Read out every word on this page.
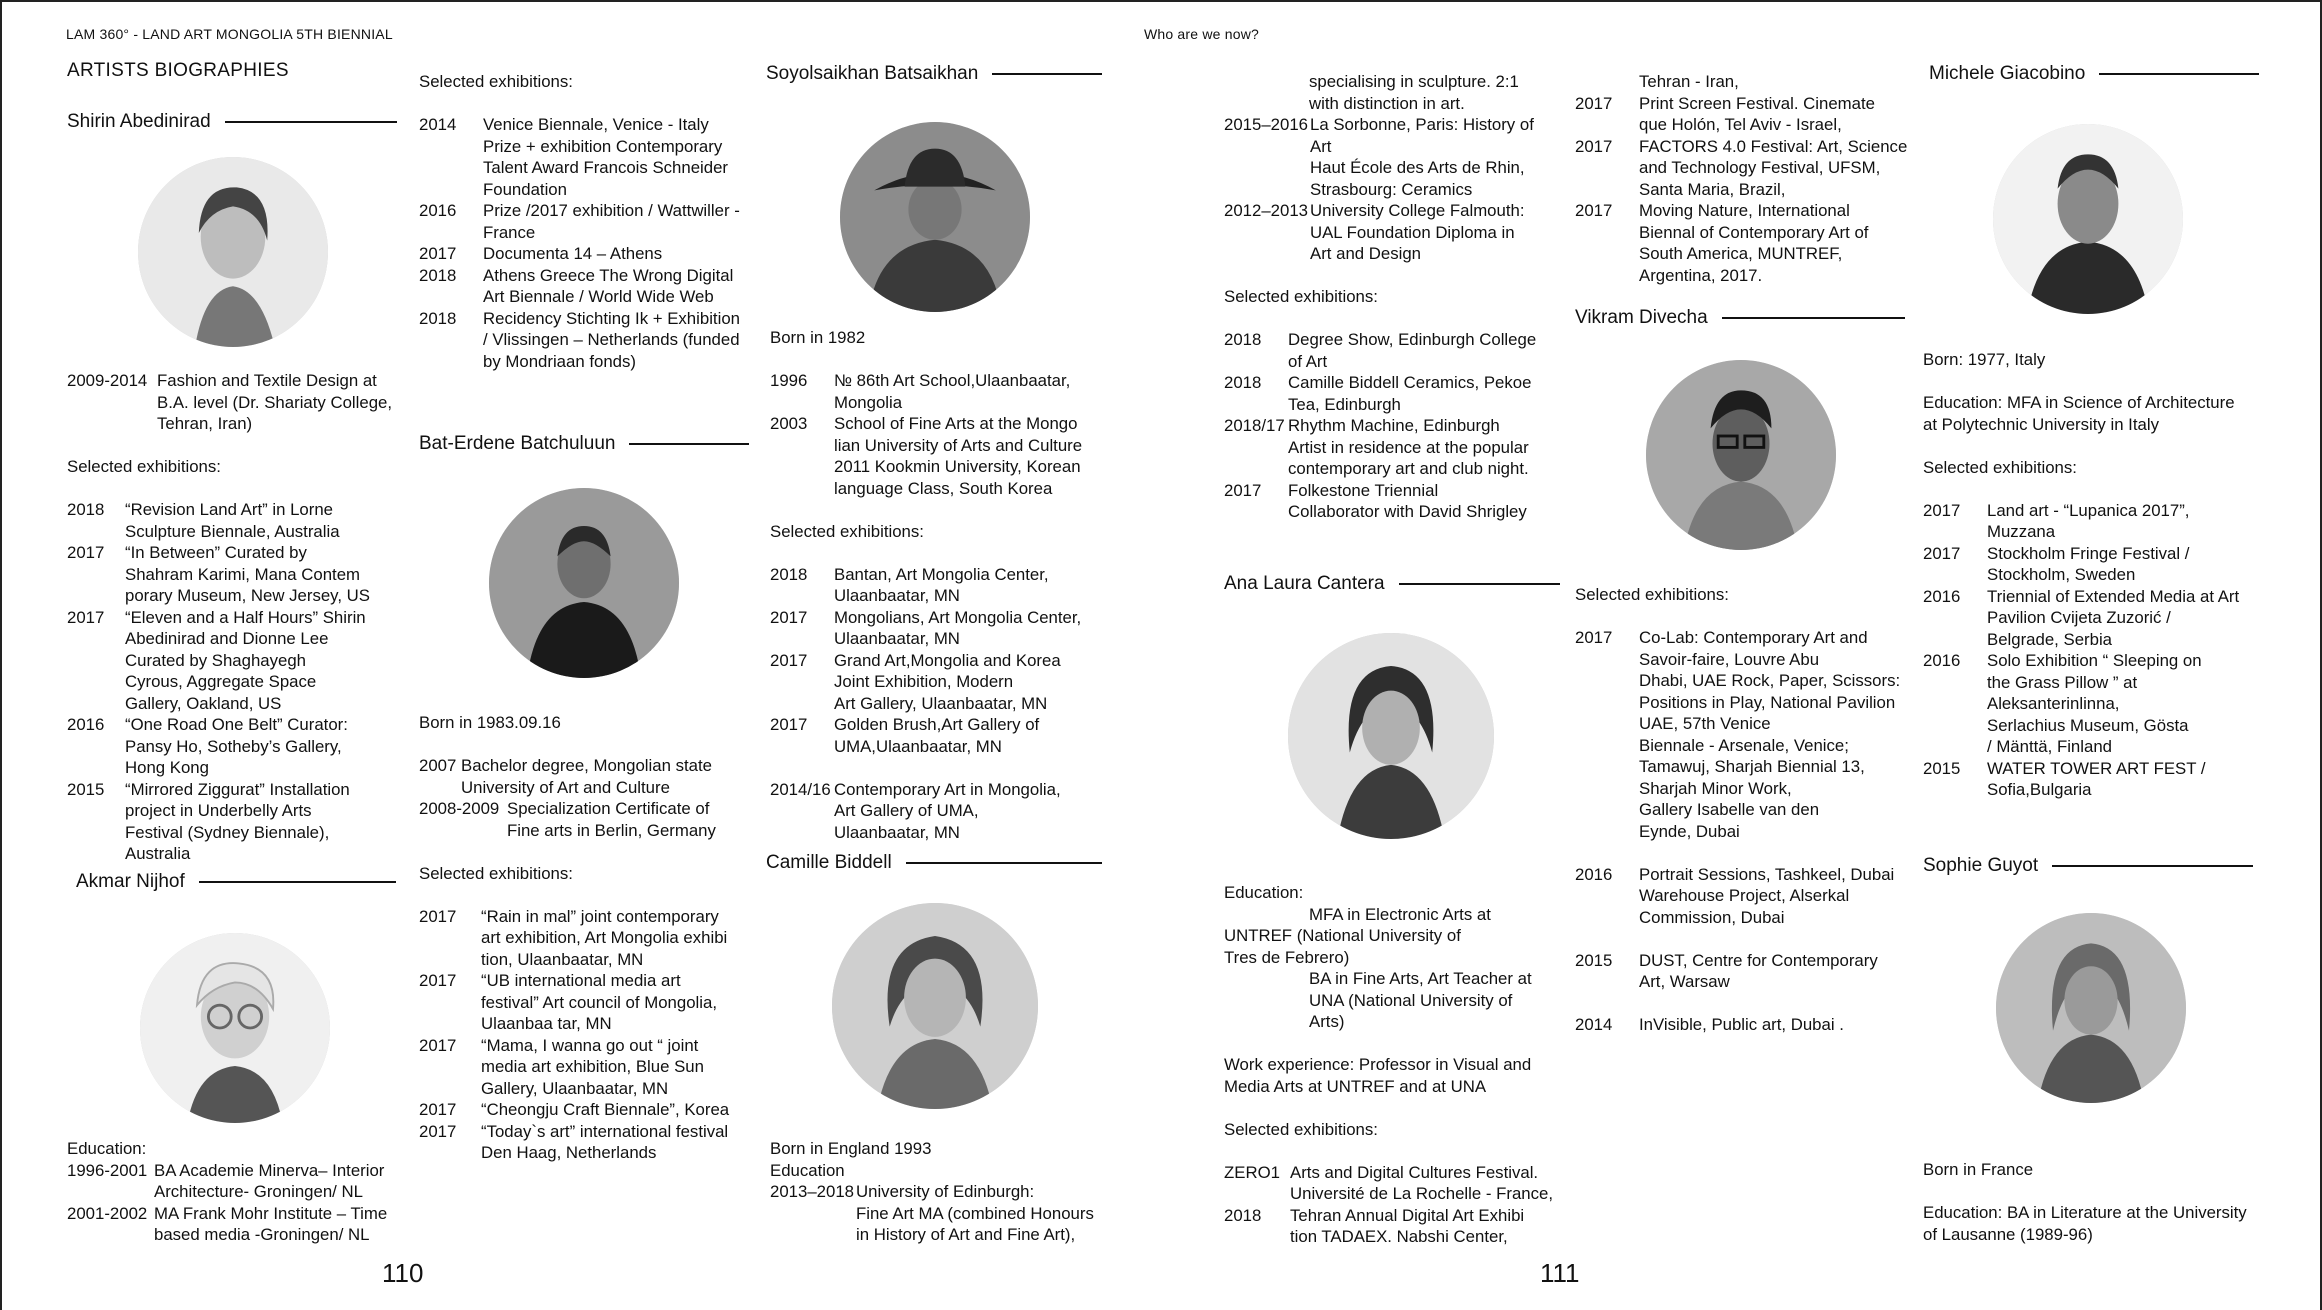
LAM 360° - LAND ART MONGOLIA 5TH BIENNIAL
ARTISTS BIOGRAPHIES
Shirin Abedinirad
2009-2014 Fashion and Textile Design at
B.A. level (Dr. Shariaty College,
Tehran, Iran)

Selected exhibitions:

2018	“Revision Land Art” in Lorne
Sculpture Biennale, Australia
2017	“In Between” Curated by
Shahram Karimi, Mana Contem
porary Museum, New Jersey, US
2017	“Eleven and a Half Hours” Shirin
Abedinirad and Dionne Lee
Curated by Shaghayegh
Cyrous, Aggregate Space
Gallery, Oakland, US
2016	“One Road One Belt” Curator:
Pansy Ho, Sotheby’s Gallery,
Hong Kong
2015	“Mirrored Ziggurat” Installation
project in Underbelly Arts
Festival (Sydney Biennale),
Australia
Akmar Nijhof

Education:

1996-2001 BA Academie Minerva– Interior
Architecture- Groningen/ NL
2001-2002 MA Frank Mohr Institute – Time
based media -Groningen/ NL

Selected exhibitions:

2014	Venice Biennale, Venice - Italy
Prize + exhibition Contemporary
Talent Award Francois Schneider
Foundation
2016	Prize /2017 exhibition / Wattwiller -
France
2017	Documenta 14 – Athens
2018	Athens Greece The Wrong Digital
Art Biennale / World Wide Web
2018	Recidency Stichting Ik + Exhibition
/ Vlissingen – Netherlands (funded
by Mondriaan fonds)
Bat-Erdene Batchuluun

Born in 1983.09.16

2007 Bachelor degree, Mongolian state
University of Art and Culture
2008-2009 Specialization Certificate of
Fine arts in Berlin, Germany

Selected exhibitions:

2017	“Rain in mal” joint contemporary
art exhibition, Art Mongolia exhibi
tion, Ulaanbaatar, MN
2017	“UB international media art
festival” Art council of Mongolia,
Ulaanbaa tar, MN
2017	“Mama, I wanna go out “ joint
media art exhibition, Blue Sun
Gallery, Ulaanbaatar, MN
2017	“Cheongju Craft Biennale”, Korea
2017	“Today`s art” international festival
Den Haag, Netherlands
Soyolsaikhan Batsaikhan

Born in 1982

1996	№ 86th Art School,Ulaanbaatar,
Mongolia
2003	School of Fine Arts at the Mongo
lian University of Arts and Culture
2011 Kookmin University, Korean
language Class, South Korea

Selected exhibitions:

2018	Bantan, Art Mongolia Center,
Ulaanbaatar, MN
2017	Mongolians, Art Mongolia Center,
Ulaanbaatar, MN
2017	Grand Art,Mongolia and Korea
Joint Exhibition, Modern
Art Gallery, Ulaanbaatar, MN
2017	Golden Brush,Art Gallery of
UMA,Ulaanbaatar, MN
2014/16 Contemporary Art in Mongolia,
Art Gallery of UMA,
Ulaanbaatar, MN
Camille Biddell

Born in England 1993

Education

2013–2018 University of Edinburgh:
Fine Art MA (combined Honours
in History of Art and Fine Art),
110
Who are we now?

specialising in sculpture. 2:1

with distinction in art.

2015–2016 La Sorbonne, Paris: History of
Art
Haut École des Arts de Rhin,
Strasbourg: Ceramics
2012–2013 University College Falmouth:
UAL Foundation Diploma in
Art and Design

Selected exhibitions:

2018	Degree Show, Edinburgh College
of Art
2018	Camille Biddell Ceramics, Pekoe
Tea, Edinburgh
2018/17 Rhythm Machine, Edinburgh
Artist in residence at the popular
contemporary art and club night.
2017	Folkestone Triennial
Collaborator with David Shrigley
Ana Laura Cantera

Education:

MFA in Electronic Arts at

UNTREF (National University of

Tres de Febrero)

BA in Fine Arts, Art Teacher at

UNA (National University of

Arts)

Work experience: Professor in Visual and

Media Arts at UNTREF and at UNA

Selected exhibitions:

ZERO1 Arts and Digital Cultures Festival.
Université de La Rochelle - France,
2018	Tehran Annual Digital Art Exhibi
tion TADAEX. Nabshi Center,

Tehran - Iran,

2017	Print Screen Festival. Cinemate
que Holón, Tel Aviv - Israel,
2017	FACTORS 4.0 Festival: Art, Science
and Technology Festival, UFSM,
Santa Maria, Brazil,
2017	Moving Nature, International
Biennal of Contemporary Art of
South America, MUNTREF,
Argentina, 2017.
Vikram Divecha

Selected exhibitions:

2017	Co-Lab: Contemporary Art and
Savoir-faire, Louvre Abu
Dhabi, UAE Rock, Paper, Scissors:
Positions in Play, National Pavilion
UAE, 57th Venice
Biennale - Arsenale, Venice;
Tamawuj, Sharjah Biennial 13,
Sharjah Minor Work,
Gallery Isabelle van den
Eynde, Dubai
2016	Portrait Sessions, Tashkeel, Dubai
Warehouse Project, Alserkal
Commission, Dubai
2015	DUST, Centre for Contemporary
Art, Warsaw
2014	InVisible, Public art, Dubai .
Michele Giacobino

Born: 1977, Italy

Education: MFA in Science of Architecture

at Polytechnic University in Italy

Selected exhibitions:

2017	Land art - “Lupanica 2017”,
Muzzana
2017	Stockholm Fringe Festival /
Stockholm, Sweden
2016	Triennial of Extended Media at Art
Pavilion Cvijeta Zuzorić /
Belgrade, Serbia
2016	Solo Exhibition “ Sleeping on
the Grass Pillow ” at
Aleksanterinlinna,
Serlachius Museum, Gösta
/ Mänttä, Finland
2015	WATER TOWER ART FEST /
Sofia,Bulgaria
Sophie Guyot

Born in France

Education: BA in Literature at the University

of Lausanne (1989-96)

111
